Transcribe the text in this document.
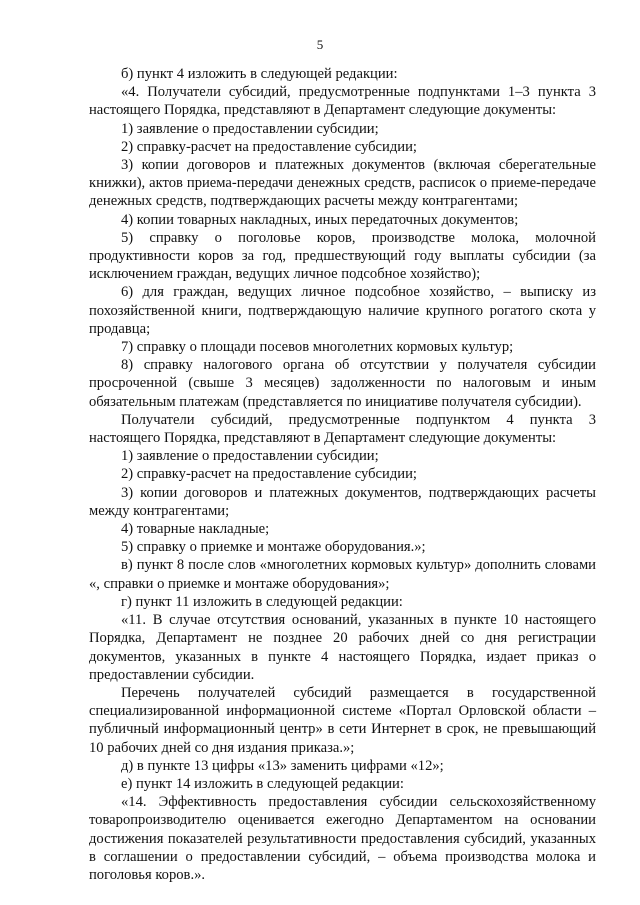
5

б) пункт 4 изложить в следующей редакции:

«4. Получатели субсидий, предусмотренные подпунктами 1–3 пункта 3 настоящего Порядка, представляют в Департамент следующие документы:

1) заявление о предоставлении субсидии;

2) справку-расчет на предоставление субсидии;

3) копии договоров и платежных документов (включая сберегательные книжки), актов приема-передачи денежных средств, расписок о приеме-передаче денежных средств, подтверждающих расчеты между контрагентами;

4) копии товарных накладных, иных передаточных документов;

5) справку о поголовье коров, производстве молока, молочной продуктивности коров за год, предшествующий году выплаты субсидии (за исключением граждан, ведущих личное подсобное хозяйство);

6) для граждан, ведущих личное подсобное хозяйство, – выписку из похозяйственной книги, подтверждающую наличие крупного рогатого скота у продавца;

7) справку о площади посевов многолетних кормовых культур;

8) справку налогового органа об отсутствии у получателя субсидии просроченной (свыше 3 месяцев) задолженности по налоговым и иным обязательным платежам (представляется по инициативе получателя субсидии).

Получатели субсидий, предусмотренные подпунктом 4 пункта 3 настоящего Порядка, представляют в Департамент следующие документы:

1) заявление о предоставлении субсидии;

2) справку-расчет на предоставление субсидии;

3) копии договоров и платежных документов, подтверждающих расчеты между контрагентами;

4) товарные накладные;

5) справку о приемке и монтаже оборудования.»;

в) пункт 8 после слов «многолетних кормовых культур» дополнить словами «, справки о приемке и монтаже оборудования»;

г) пункт 11 изложить в следующей редакции:

«11. В случае отсутствия оснований, указанных в пункте 10 настоящего Порядка, Департамент не позднее 20 рабочих дней со дня регистрации документов, указанных в пункте 4 настоящего Порядка, издает приказ о предоставлении субсидии.

Перечень получателей субсидий размещается в государственной специализированной информационной системе «Портал Орловской области – публичный информационный центр» в сети Интернет в срок, не превышающий 10 рабочих дней со дня издания приказа.»;

д) в пункте 13 цифры «13» заменить цифрами «12»;

е) пункт 14 изложить в следующей редакции:

«14. Эффективность предоставления субсидии сельскохозяйственному товаропроизводителю оценивается ежегодно Департаментом на основании достижения показателей результативности предоставления субсидий, указанных в соглашении о предоставлении субсидий, – объема производства молока и поголовья коров.».
